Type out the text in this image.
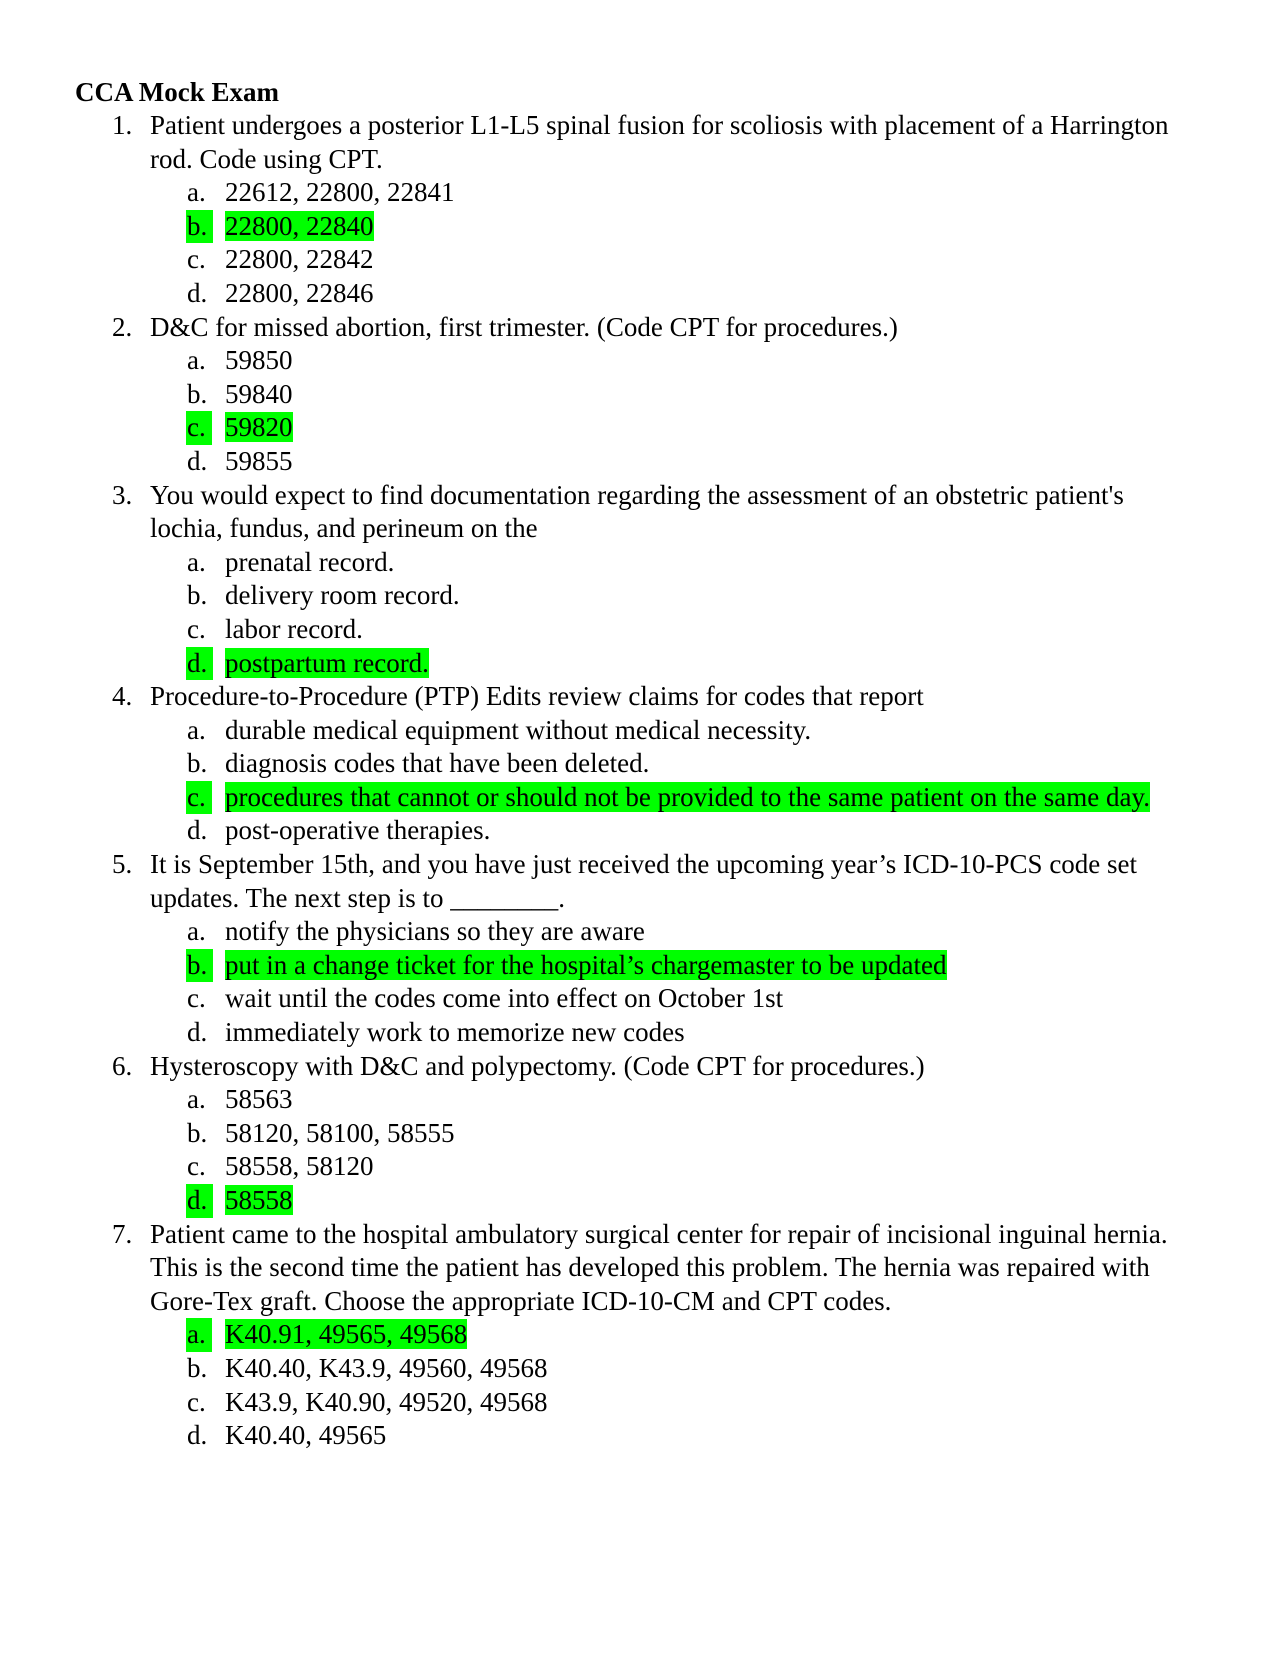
CCA Mock Exam
1. Patient undergoes a posterior L1-L5 spinal fusion for scoliosis with placement of a Harrington rod. Code using CPT.
a. 22612, 22800, 22841
b. 22800, 22840
c. 22800, 22842
d. 22800, 22846
2. D&C for missed abortion, first trimester. (Code CPT for procedures.)
a. 59850
b. 59840
c. 59820
d. 59855
3. You would expect to find documentation regarding the assessment of an obstetric patient's lochia, fundus, and perineum on the
a. prenatal record.
b. delivery room record.
c. labor record.
d. postpartum record.
4. Procedure-to-Procedure (PTP) Edits review claims for codes that report
a. durable medical equipment without medical necessity.
b. diagnosis codes that have been deleted.
c. procedures that cannot or should not be provided to the same patient on the same day.
d. post-operative therapies.
5. It is September 15th, and you have just received the upcoming year’s ICD-10-PCS code set updates. The next step is to ________.
a. notify the physicians so they are aware
b. put in a change ticket for the hospital’s chargemaster to be updated
c. wait until the codes come into effect on October 1st
d. immediately work to memorize new codes
6. Hysteroscopy with D&C and polypectomy. (Code CPT for procedures.)
a. 58563
b. 58120, 58100, 58555
c. 58558, 58120
d. 58558
7. Patient came to the hospital ambulatory surgical center for repair of incisional inguinal hernia. This is the second time the patient has developed this problem. The hernia was repaired with Gore-Tex graft. Choose the appropriate ICD-10-CM and CPT codes.
a. K40.91, 49565, 49568
b. K40.40, K43.9, 49560, 49568
c. K43.9, K40.90, 49520, 49568
d. K40.40, 49565
